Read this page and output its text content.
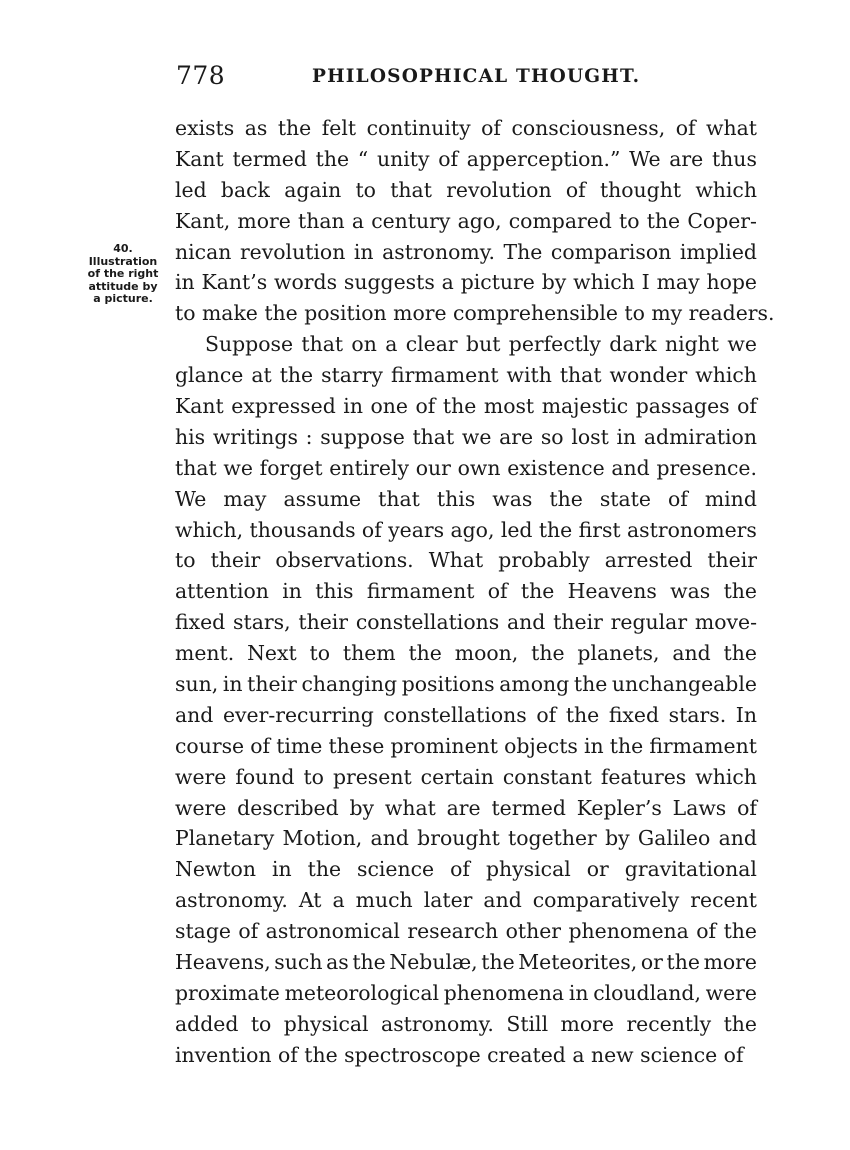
778	PHILOSOPHICAL THOUGHT.
40.
Illustration
of the right
attitude by
a picture.
exists as the felt continuity of consciousness, of what
Kant termed the “ unity of apperception.” We are thus
led back again to that revolution of thought which
Kant, more than a century ago, compared to the Coper-
nican revolution in astronomy. The comparison implied
in Kant’s words suggests a picture by which I may hope
to make the position more comprehensible to my readers.
Suppose that on a clear but perfectly dark night we
glance at the starry firmament with that wonder which
Kant expressed in one of the most majestic passages of
his writings : suppose that we are so lost in admiration
that we forget entirely our own existence and presence.
We may assume that this was the state of mind
which, thousands of years ago, led the first astronomers
to their observations. What probably arrested their
attention in this firmament of the Heavens was the
fixed stars, their constellations and their regular move-
ment. Next to them the moon, the planets, and the
sun, in their changing positions among the unchangeable
and ever-recurring constellations of the fixed stars. In
course of time these prominent objects in the firmament
were found to present certain constant features which
were described by what are termed Kepler’s Laws of
Planetary Motion, and brought together by Galileo and
Newton in the science of physical or gravitational
astronomy. At a much later and comparatively recent
stage of astronomical research other phenomena of the
Heavens, such as the Nebulæ, the Meteorites, or the more
proximate meteorological phenomena in cloudland, were
added to physical astronomy. Still more recently the
invention of the spectroscope created a new science of
